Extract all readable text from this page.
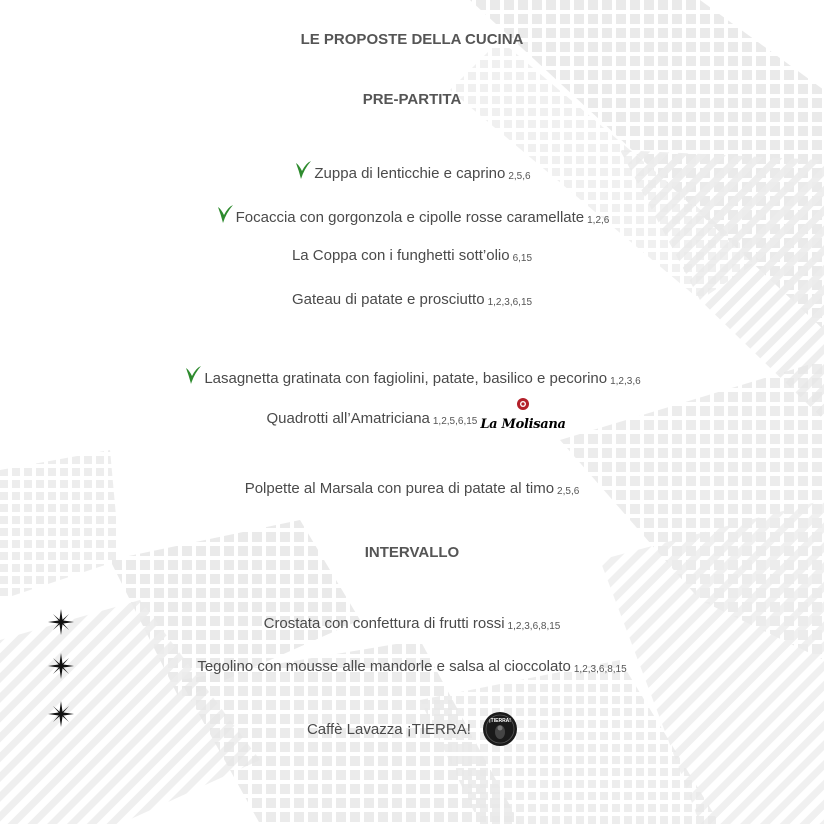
LE PROPOSTE DELLA CUCINA
PRE-PARTITA
Zuppa di lenticchie e caprino 2,5,6
Focaccia con gorgonzola e cipolle rosse caramellate 1,2,6
La Coppa con i funghetti sott’olio 6,15
Gateau di patate e prosciutto 1,2,3,6,15
Lasagnetta gratinata con fagiolini, patate, basilico e pecorino 1,2,3,6
Quadrotti all’Amatriciana 1,2,5,6,15 La Molisana
Polpette al Marsala con purea di patate al timo 2,5,6
INTERVALLO
Crostata con confettura di frutti rossi 1,2,3,6,8,15
Tegolino con mousse alle mandorle e salsa al cioccolato 1,2,3,6,8,15
Caffè Lavazza ¡TIERRA!	¡TIERRA!
